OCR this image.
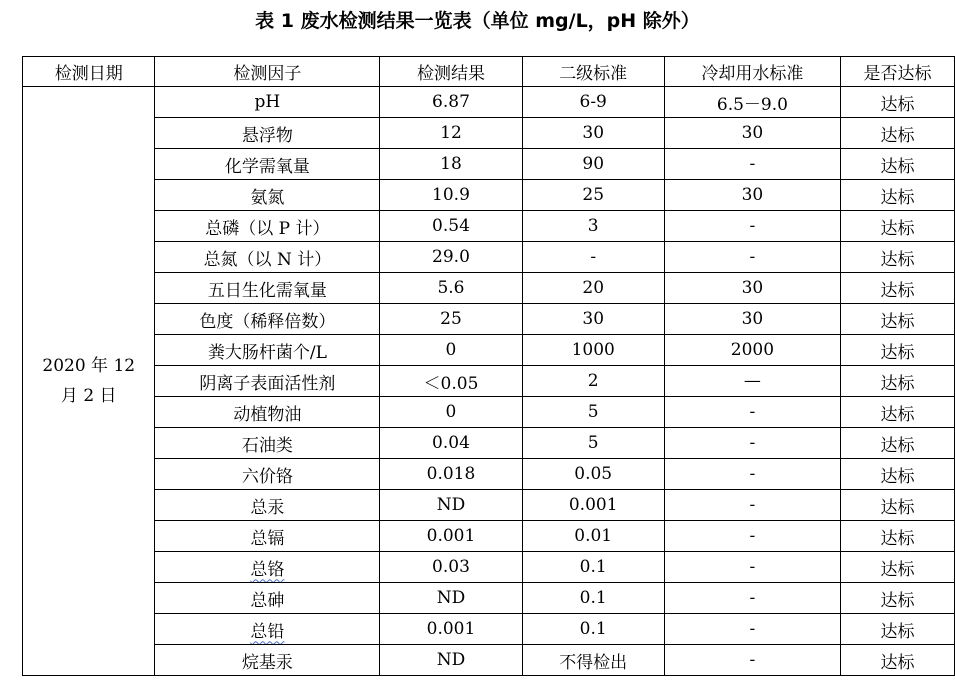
表 1 废水检测结果一览表（单位 mg/L，pH 除外）
检测日期	检测因子	检测结果	二级标准	冷却用水标准	是否达标
2020 年 12
月 2 日	pH	6.87	6-9	6.5－9.0	达标
	悬浮物	12	30	30	达标
	化学需氧量	18	90	-	达标
	氨氮	10.9	25	30	达标
	总磷（以 P 计）	0.54	3	-	达标
	总氮（以 N 计）	29.0	-	-	达标
	五日生化需氧量	5.6	20	30	达标
	色度（稀释倍数）	25	30	30	达标
	粪大肠杆菌个/L	0	1000	2000	达标
	阴离子表面活性剂	＜0.05	2	—	达标
	动植物油	0	5	-	达标
	石油类	0.04	5	-	达标
	六价铬	0.018	0.05	-	达标
	总汞	ND	0.001	-	达标
	总镉	0.001	0.01	-	达标
	总铬	0.03	0.1	-	达标
	总砷	ND	0.1	-	达标
	总铅	0.001	0.1	-	达标
	烷基汞	ND	不得检出	-	达标
